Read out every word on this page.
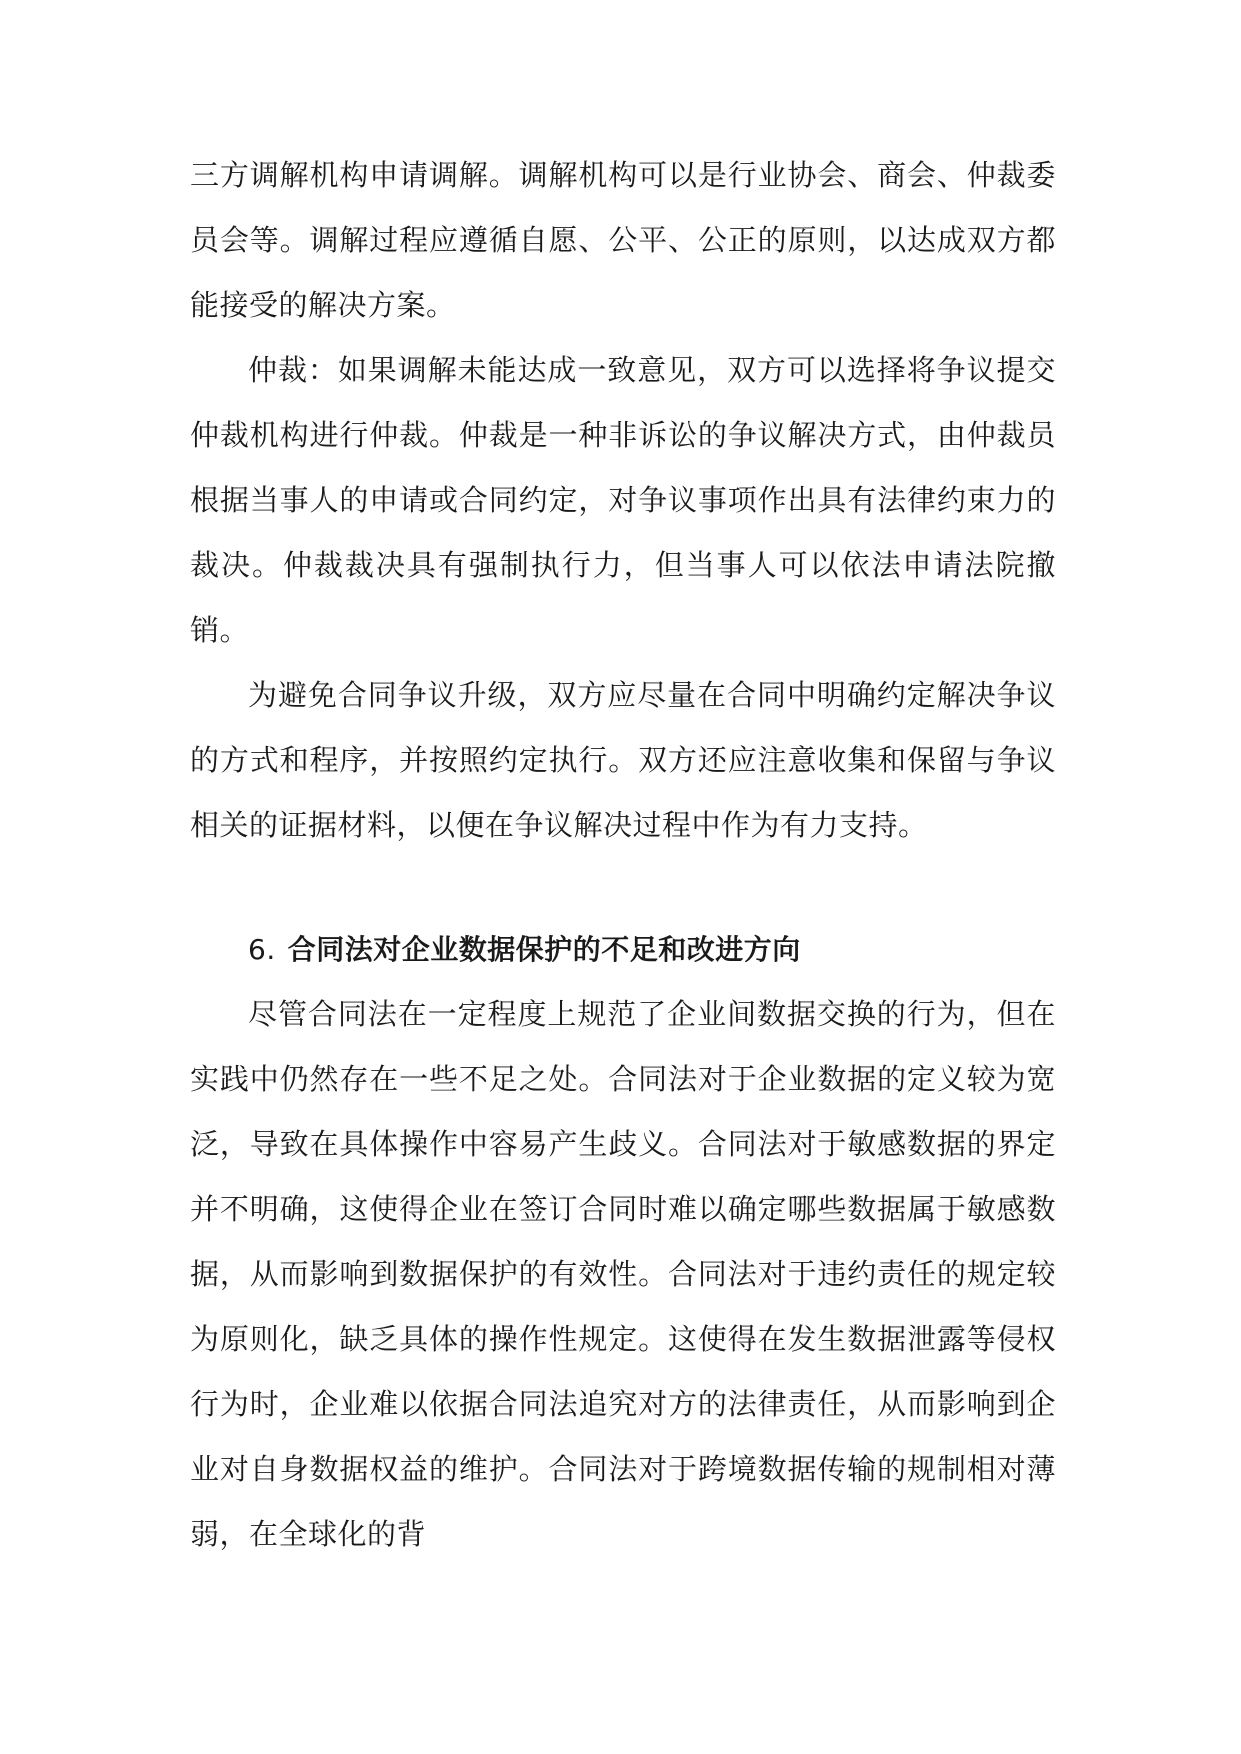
三方调解机构申请调解。调解机构可以是行业协会、商会、仲裁委员会等。调解过程应遵循自愿、公平、公正的原则，以达成双方都能接受的解决方案。

仲裁：如果调解未能达成一致意见，双方可以选择将争议提交仲裁机构进行仲裁。仲裁是一种非诉讼的争议解决方式，由仲裁员根据当事人的申请或合同约定，对争议事项作出具有法律约束力的裁决。仲裁裁决具有强制执行力，但当事人可以依法申请法院撤销。

为避免合同争议升级，双方应尽量在合同中明确约定解决争议的方式和程序，并按照约定执行。双方还应注意收集和保留与争议相关的证据材料，以便在争议解决过程中作为有力支持。

6. 合同法对企业数据保护的不足和改进方向

尽管合同法在一定程度上规范了企业间数据交换的行为，但在实践中仍然存在一些不足之处。合同法对于企业数据的定义较为宽泛，导致在具体操作中容易产生歧义。合同法对于敏感数据的界定并不明确，这使得企业在签订合同时难以确定哪些数据属于敏感数据，从而影响到数据保护的有效性。合同法对于违约责任的规定较为原则化，缺乏具体的操作性规定。这使得在发生数据泄露等侵权行为时，企业难以依据合同法追究对方的法律责任，从而影响到企业对自身数据权益的维护。合同法对于跨境数据传输的规制相对薄弱，在全球化的背
